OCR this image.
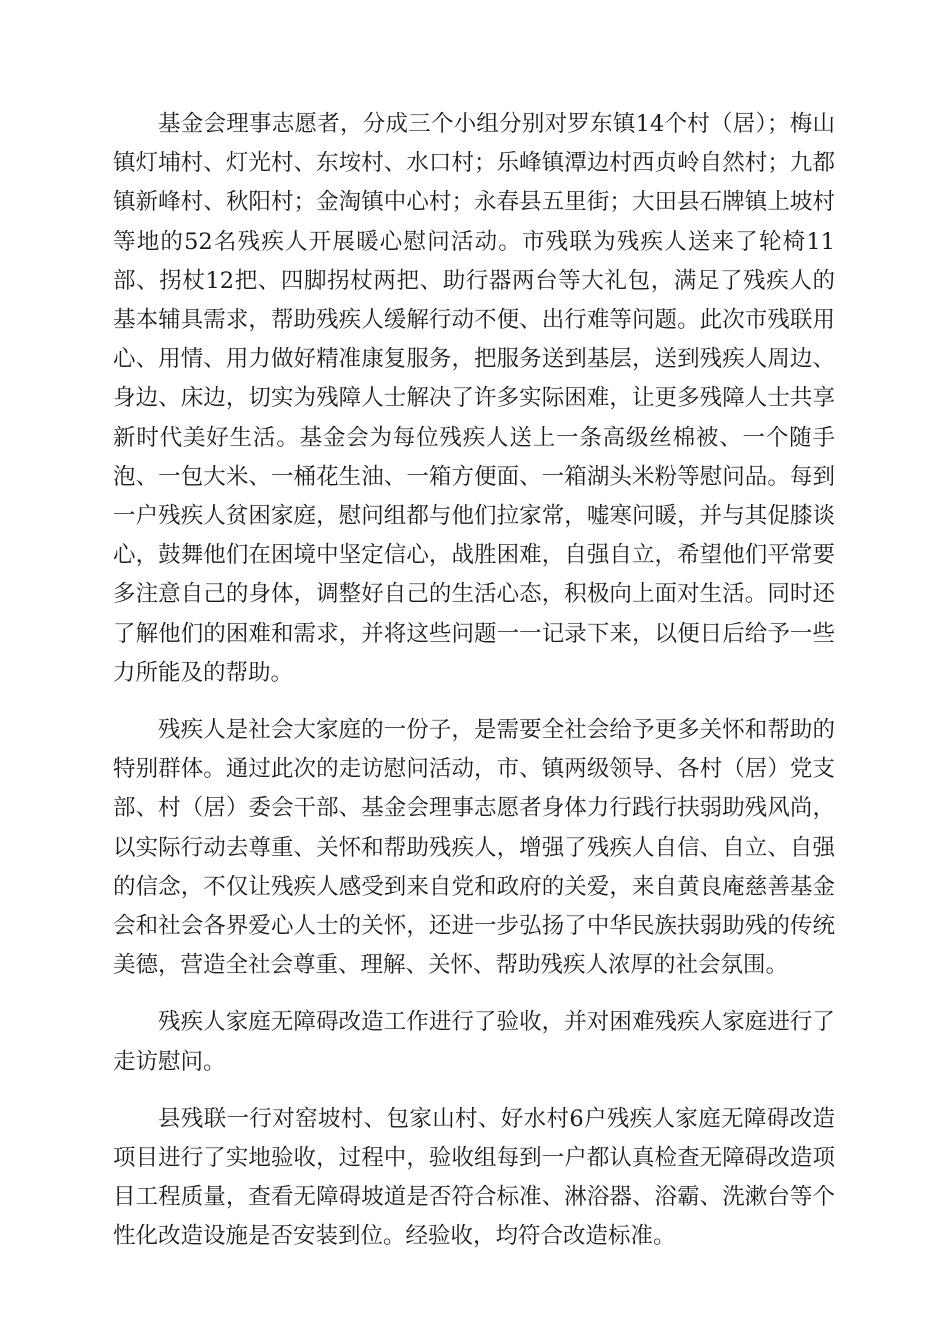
基金会理事志愿者，分成三个小组分别对罗东镇14个村（居）；梅山镇灯埔村、灯光村、东垵村、水口村；乐峰镇潭边村西贞岭自然村；九都镇新峰村、秋阳村；金淘镇中心村；永春县五里街；大田县石牌镇上坡村等地的52名残疾人开展暖心慰问活动。市残联为残疾人送来了轮椅11部、拐杖12把、四脚拐杖两把、助行器两台等大礼包，满足了残疾人的基本辅具需求，帮助残疾人缓解行动不便、出行难等问题。此次市残联用心、用情、用力做好精准康复服务，把服务送到基层，送到残疾人周边、身边、床边，切实为残障人士解决了许多实际困难，让更多残障人士共享新时代美好生活。基金会为每位残疾人送上一条高级丝棉被、一个随手泡、一包大米、一桶花生油、一箱方便面、一箱湖头米粉等慰问品。每到一户残疾人贫困家庭，慰问组都与他们拉家常，嘘寒问暖，并与其促膝谈心，鼓舞他们在困境中坚定信心，战胜困难，自强自立，希望他们平常要多注意自己的身体，调整好自己的生活心态，积极向上面对生活。同时还了解他们的困难和需求，并将这些问题一一记录下来，以便日后给予一些力所能及的帮助。

残疾人是社会大家庭的一份子，是需要全社会给予更多关怀和帮助的特别群体。通过此次的走访慰问活动，市、镇两级领导、各村（居）党支部、村（居）委会干部、基金会理事志愿者身体力行践行扶弱助残风尚，以实际行动去尊重、关怀和帮助残疾人，增强了残疾人自信、自立、自强的信念，不仅让残疾人感受到来自党和政府的关爱，来自黄良庵慈善基金会和社会各界爱心人士的关怀，还进一步弘扬了中华民族扶弱助残的传统美德，营造全社会尊重、理解、关怀、帮助残疾人浓厚的社会氛围。

残疾人家庭无障碍改造工作进行了验收，并对困难残疾人家庭进行了走访慰问。

县残联一行对窑坡村、包家山村、好水村6户残疾人家庭无障碍改造项目进行了实地验收，过程中，验收组每到一户都认真检查无障碍改造项目工程质量，查看无障碍坡道是否符合标准、淋浴器、浴霸、洗漱台等个性化改造设施是否安装到位。经验收，均符合改造标准。
